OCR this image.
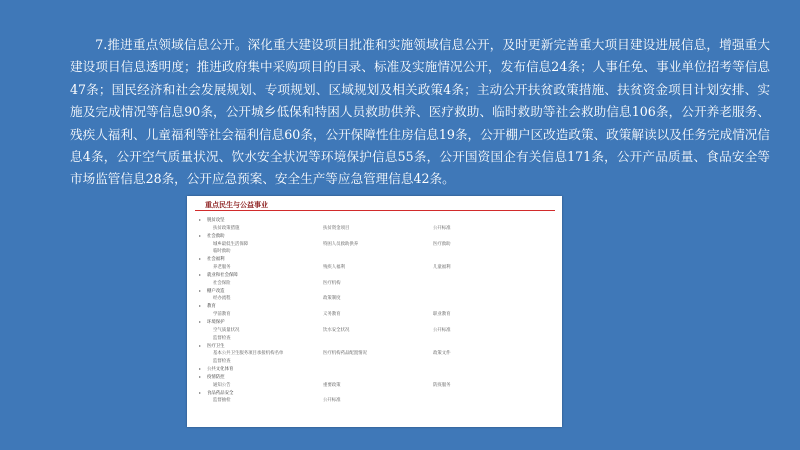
7.推进重点领域信息公开。深化重大建设项目批准和实施领域信息公开，及时更新完善重大项目建设进展信息，增强重大建设项目信息透明度；推进政府集中采购项目的目录、标准及实施情况公开，发布信息24条；人事任免、事业单位招考等信息47条；国民经济和社会发展规划、专项规划、区域规划及相关政策4条；主动公开扶贫政策措施、扶贫资金项目计划安排、实施及完成情况等信息90条，公开城乡低保和特困人员救助供养、医疗救助、临时救助等社会救助信息106条，公开养老服务、残疾人福利、儿童福利等社会福利信息60条，公开保障性住房信息19条，公开棚户区改造政策、政策解读以及任务完成情况信息4条，公开空气质量状况、饮水安全状况等环境保护信息55条，公开国资国企有关信息171条，公开产品质量、食品安全等市场监管信息28条，公开应急预案、安全生产等应急管理信息42条。
重点民生与公益事业
▸ 脱贫攻坚
扶贫政策措施	扶贫资金项目	公开标准
▸ 社会救助
城乡最低生活保障	特困人员救助供养	医疗救助
临时救助
▸ 社会福利
养老服务	残疾人福利	儿童福利
▸ 就业和社会保障
社会保险	医疗机构
▸ 棚户改造
经办流程	政策制度
▸ 教育
学前教育	义务教育	职业教育
▸ 环境保护
空气质量状况	饮水安全状况	公开标准
监督检查
▸ 医疗卫生
基本公共卫生服务项目承接机构名单	医疗机构药品配置情况	政策文件
监督检查
▸ 公共文化体育
▸ 疫情防控
通知公告	重要政策	防疫服务
▸ 食品药品安全
监督抽检	公开标准
